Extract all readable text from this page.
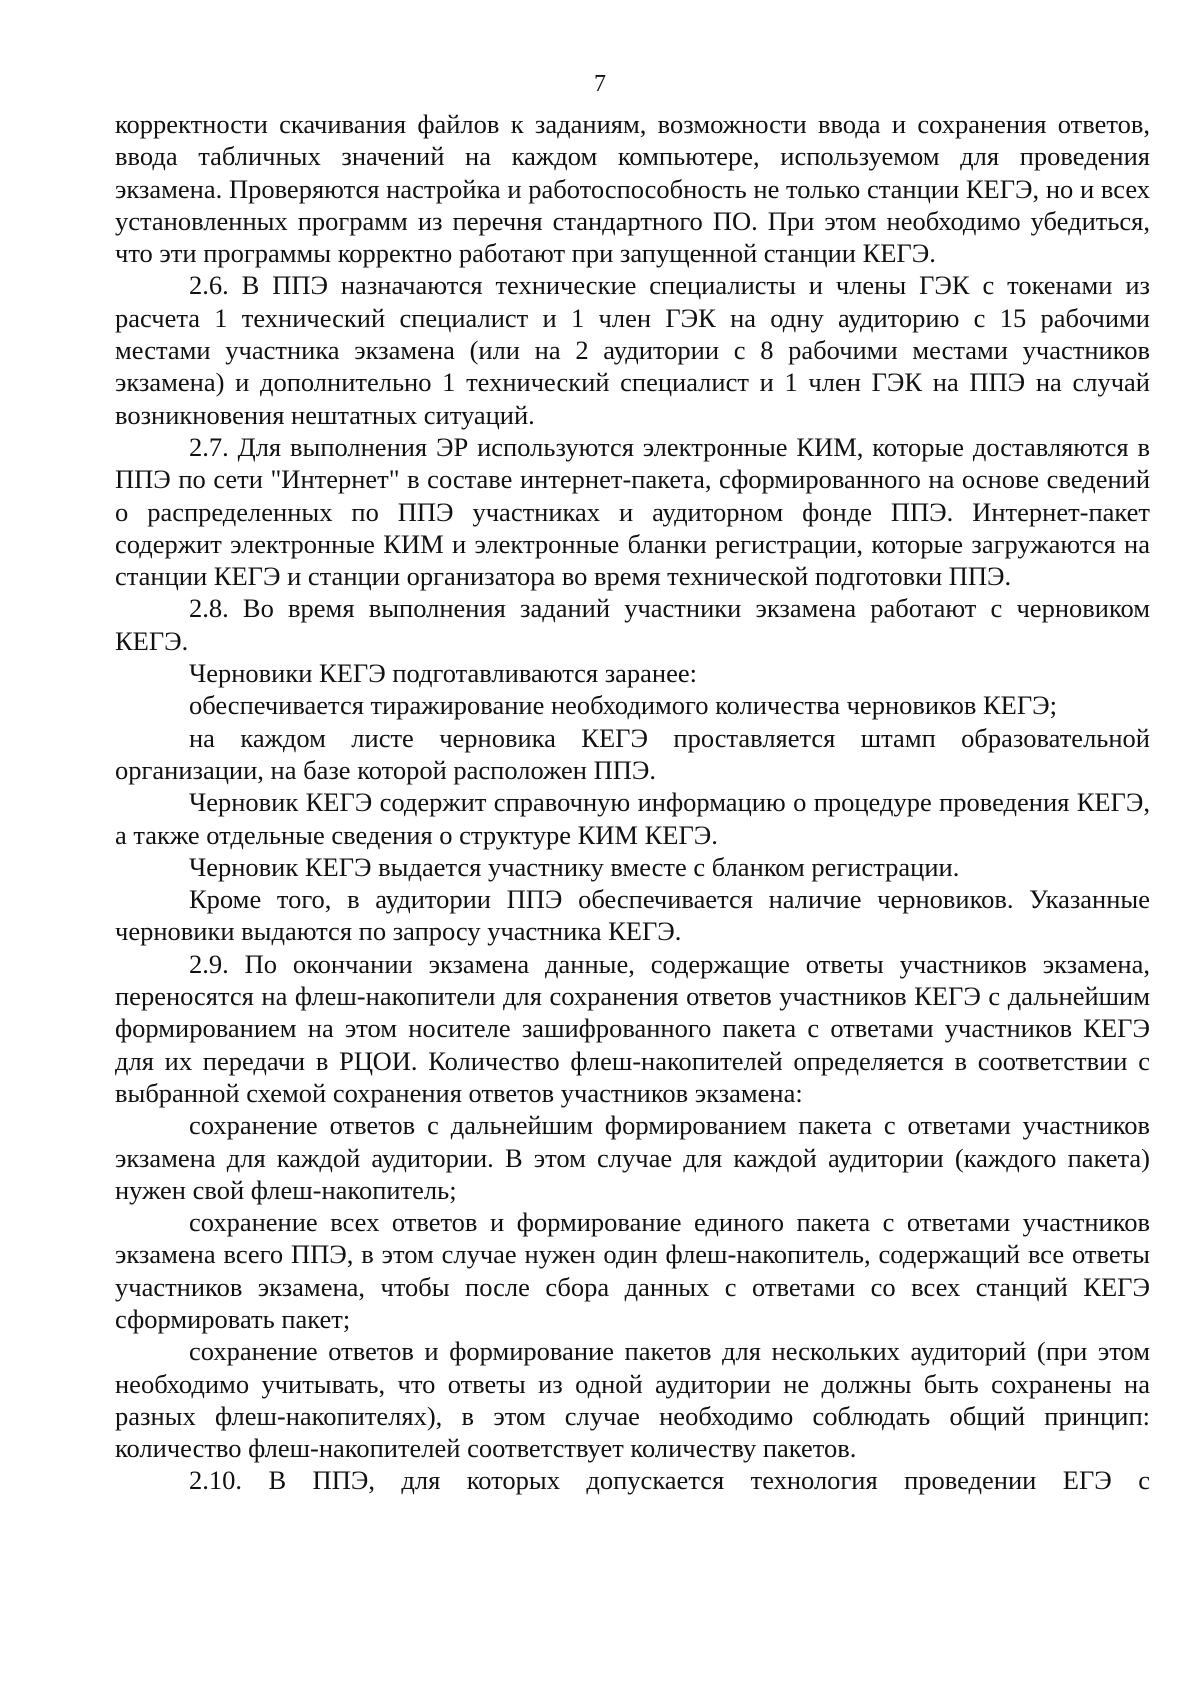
7

корректности скачивания файлов к заданиям, возможности ввода и сохранения ответов, ввода табличных значений на каждом компьютере, используемом для проведения экзамена. Проверяются настройка и работоспособность не только станции КЕГЭ, но и всех установленных программ из перечня стандартного ПО. При этом необходимо убедиться, что эти программы корректно работают при запущенной станции КЕГЭ.

2.6. В ППЭ назначаются технические специалисты и члены ГЭК с токенами из расчета 1 технический специалист и 1 член ГЭК на одну аудиторию с 15 рабочими местами участника экзамена (или на 2 аудитории с 8 рабочими местами участников экзамена) и дополнительно 1 технический специалист и 1 член ГЭК на ППЭ на случай возникновения нештатных ситуаций.

2.7. Для выполнения ЭР используются электронные КИМ, которые доставляются в ППЭ по сети "Интернет" в составе интернет-пакета, сформированного на основе сведений о распределенных по ППЭ участниках и аудиторном фонде ППЭ. Интернет-пакет содержит электронные КИМ и электронные бланки регистрации, которые загружаются на станции КЕГЭ и станции организатора во время технической подготовки ППЭ.

2.8. Во время выполнения заданий участники экзамена работают с черновиком КЕГЭ.

Черновики КЕГЭ подготавливаются заранее:

обеспечивается тиражирование необходимого количества черновиков КЕГЭ;

на каждом листе черновика КЕГЭ проставляется штамп образовательной организации, на базе которой расположен ППЭ.

Черновик КЕГЭ содержит справочную информацию о процедуре проведения КЕГЭ, а также отдельные сведения о структуре КИМ КЕГЭ.

Черновик КЕГЭ выдается участнику вместе с бланком регистрации.

Кроме того, в аудитории ППЭ обеспечивается наличие черновиков. Указанные черновики выдаются по запросу участника КЕГЭ.

2.9. По окончании экзамена данные, содержащие ответы участников экзамена, переносятся на флеш-накопители для сохранения ответов участников КЕГЭ с дальнейшим формированием на этом носителе зашифрованного пакета с ответами участников КЕГЭ для их передачи в РЦОИ. Количество флеш-накопителей определяется в соответствии с выбранной схемой сохранения ответов участников экзамена:

сохранение ответов с дальнейшим формированием пакета с ответами участников экзамена для каждой аудитории. В этом случае для каждой аудитории (каждого пакета) нужен свой флеш-накопитель;

сохранение всех ответов и формирование единого пакета с ответами участников экзамена всего ППЭ, в этом случае нужен один флеш-накопитель, содержащий все ответы участников экзамена, чтобы после сбора данных с ответами со всех станций КЕГЭ сформировать пакет;

сохранение ответов и формирование пакетов для нескольких аудиторий (при этом необходимо учитывать, что ответы из одной аудитории не должны быть сохранены на разных флеш-накопителях), в этом случае необходимо соблюдать общий принцип: количество флеш-накопителей соответствует количеству пакетов.

2.10. В ППЭ, для которых допускается технология проведении ЕГЭ с
